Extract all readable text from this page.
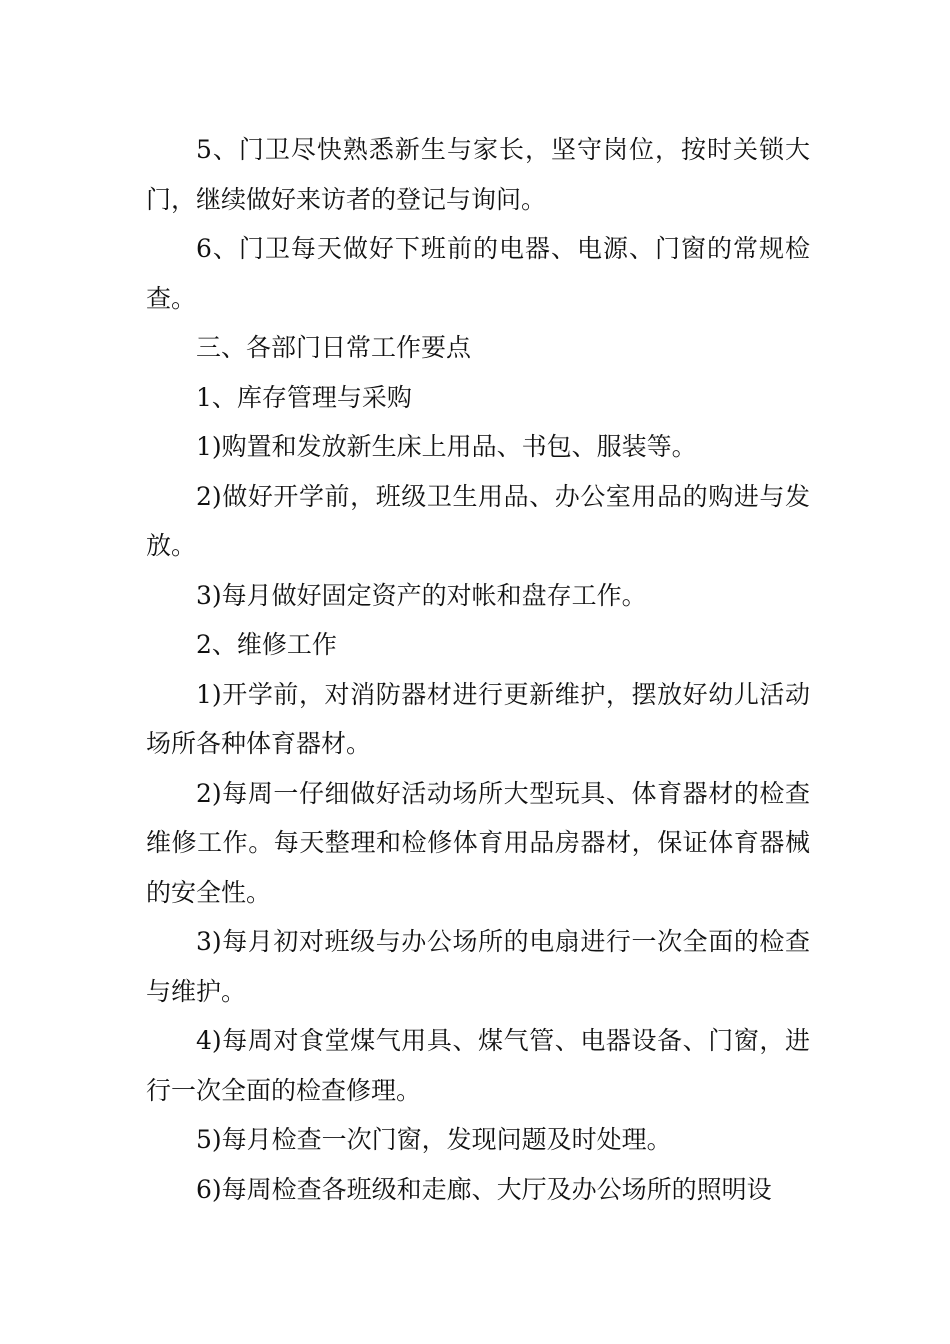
5、门卫尽快熟悉新生与家长，坚守岗位，按时关锁大门，继续做好来访者的登记与询问。

6、门卫每天做好下班前的电器、电源、门窗的常规检查。

三、各部门日常工作要点

1、库存管理与采购

1)购置和发放新生床上用品、书包、服装等。

2)做好开学前，班级卫生用品、办公室用品的购进与发放。

3)每月做好固定资产的对帐和盘存工作。

2、维修工作

1)开学前，对消防器材进行更新维护，摆放好幼儿活动场所各种体育器材。

2)每周一仔细做好活动场所大型玩具、体育器材的检查维修工作。每天整理和检修体育用品房器材，保证体育器械的安全性。

3)每月初对班级与办公场所的电扇进行一次全面的检查与维护。

4)每周对食堂煤气用具、煤气管、电器设备、门窗，进行一次全面的检查修理。

5)每月检查一次门窗，发现问题及时处理。

6)每周检查各班级和走廊、大厅及办公场所的照明设
